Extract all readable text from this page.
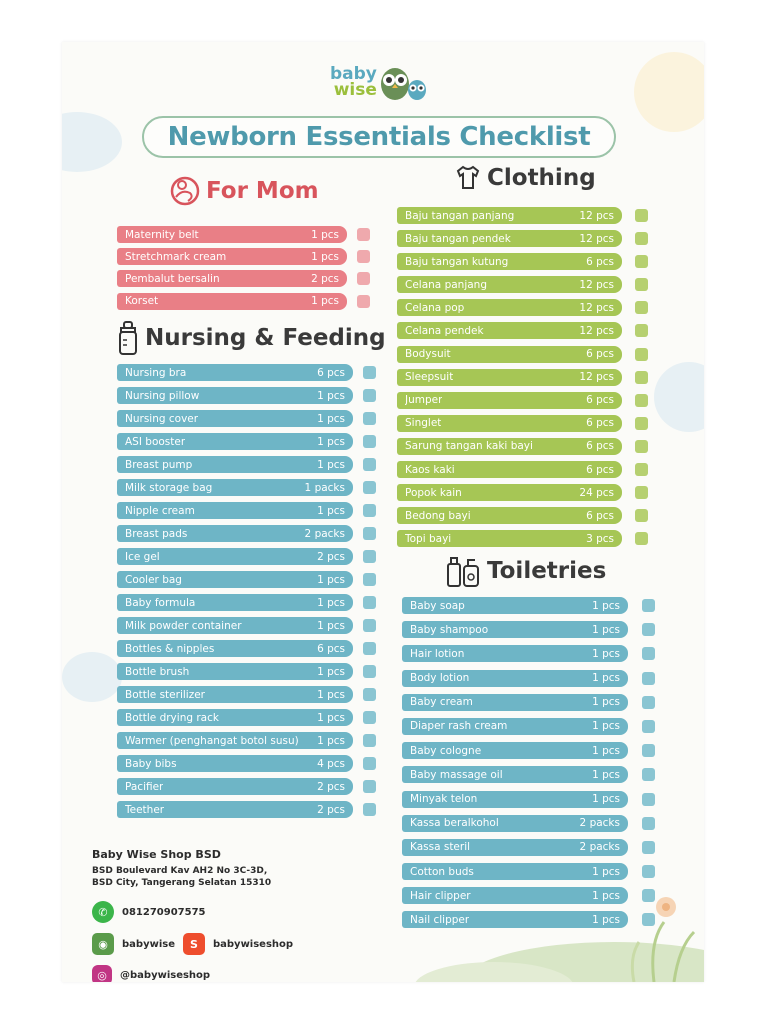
baby
wise
Newborn Essentials Checklist
For Mom
Maternity belt	1 pcs
Stretchmark cream	1 pcs
Pembalut bersalin	2 pcs
Korset	1 pcs
Nursing & Feeding
Nursing bra	6 pcs
Nursing pillow	1 pcs
Nursing cover	1 pcs
ASI booster	1 pcs
Breast pump	1 pcs
Milk storage bag	1 packs
Nipple cream	1 pcs
Breast pads	2 packs
Ice gel	2 pcs
Cooler bag	1 pcs
Baby formula	1 pcs
Milk powder container	1 pcs
Bottles & nipples	6 pcs
Bottle brush	1 pcs
Bottle sterilizer	1 pcs
Bottle drying rack	1 pcs
Warmer (penghangat botol susu) 1 pcs
Baby bibs	4 pcs
Pacifier	2 pcs
Teether	2 pcs
Clothing
Baju tangan panjang	12 pcs
Baju tangan pendek	12 pcs
Baju tangan kutung	6 pcs
Celana panjang	12 pcs
Celana pop	12 pcs
Celana pendek	12 pcs
Bodysuit	6 pcs
Sleepsuit	12 pcs
Jumper	6 pcs
Singlet	6 pcs
Sarung tangan kaki bayi	6 pcs
Kaos kaki	6 pcs
Popok kain	24 pcs
Bedong bayi	6 pcs
Topi bayi	3 pcs
Toiletries
Baby soap	1 pcs
Baby shampoo	1 pcs
Hair lotion	1 pcs
Body lotion	1 pcs
Baby cream	1 pcs
Diaper rash cream	1 pcs
Baby cologne	1 pcs
Baby massage oil	1 pcs
Minyak telon	1 pcs
Kassa beralkohol	2 packs
Kassa steril	2 packs
Cotton buds	1 pcs
Hair clipper	1 pcs
Nail clipper	1 pcs
Baby Wise Shop BSD
BSD Boulevard Kav AH2 No 3C-3D,
BSD City, Tangerang Selatan 15310
✆	081270907575
◉	babywise	S	babywiseshop
◎	@babywiseshop
